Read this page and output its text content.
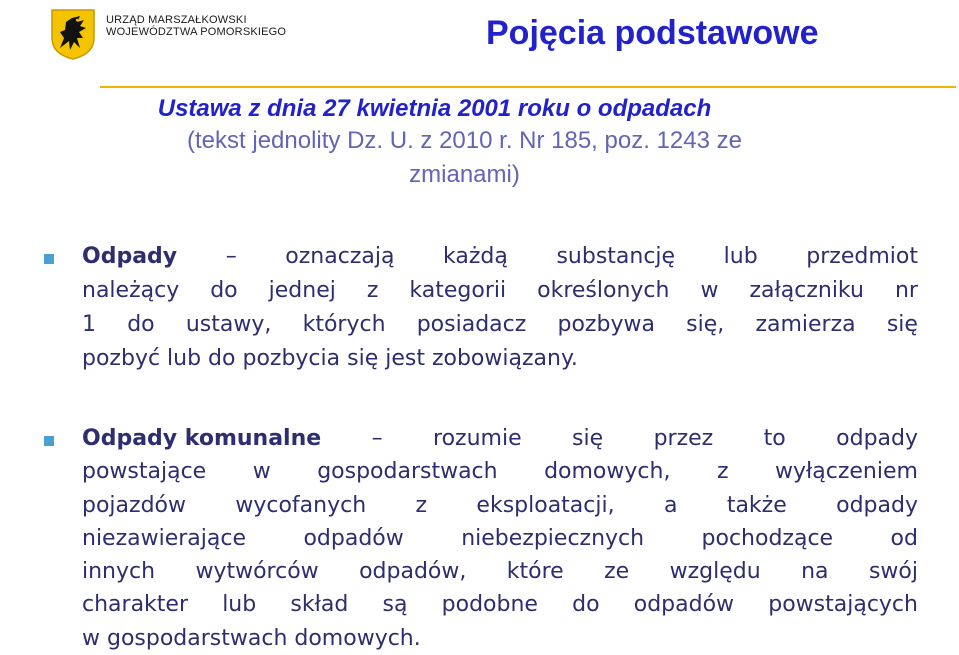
URZĄD MARSZAŁKOWSKI
WOJEWÓDZTWA POMORSKIEGO	Pojęcia podstawowe
Ustawa z dnia 27 kwietnia 2001 roku o odpadach
(tekst jednolity Dz. U. z 2010 r. Nr 185, poz. 1243 ze
zmianami)
Odpady – oznaczają każdą substancję lub przedmiot
należący do jednej z kategorii określonych w załączniku nr
1 do ustawy, których posiadacz pozbywa się, zamierza się
pozbyć lub do pozbycia się jest zobowiązany.
Odpady komunalne – rozumie się przez to odpady
powstające w gospodarstwach domowych, z wyłączeniem
pojazdów wycofanych z eksploatacji, a także odpady
niezawierające	odpadów	niebezpiecznych	pochodzące	od
innych wytwórców odpadów, które ze względu na swój
charakter lub skład są podobne do odpadów powstających
w gospodarstwach domowych.
